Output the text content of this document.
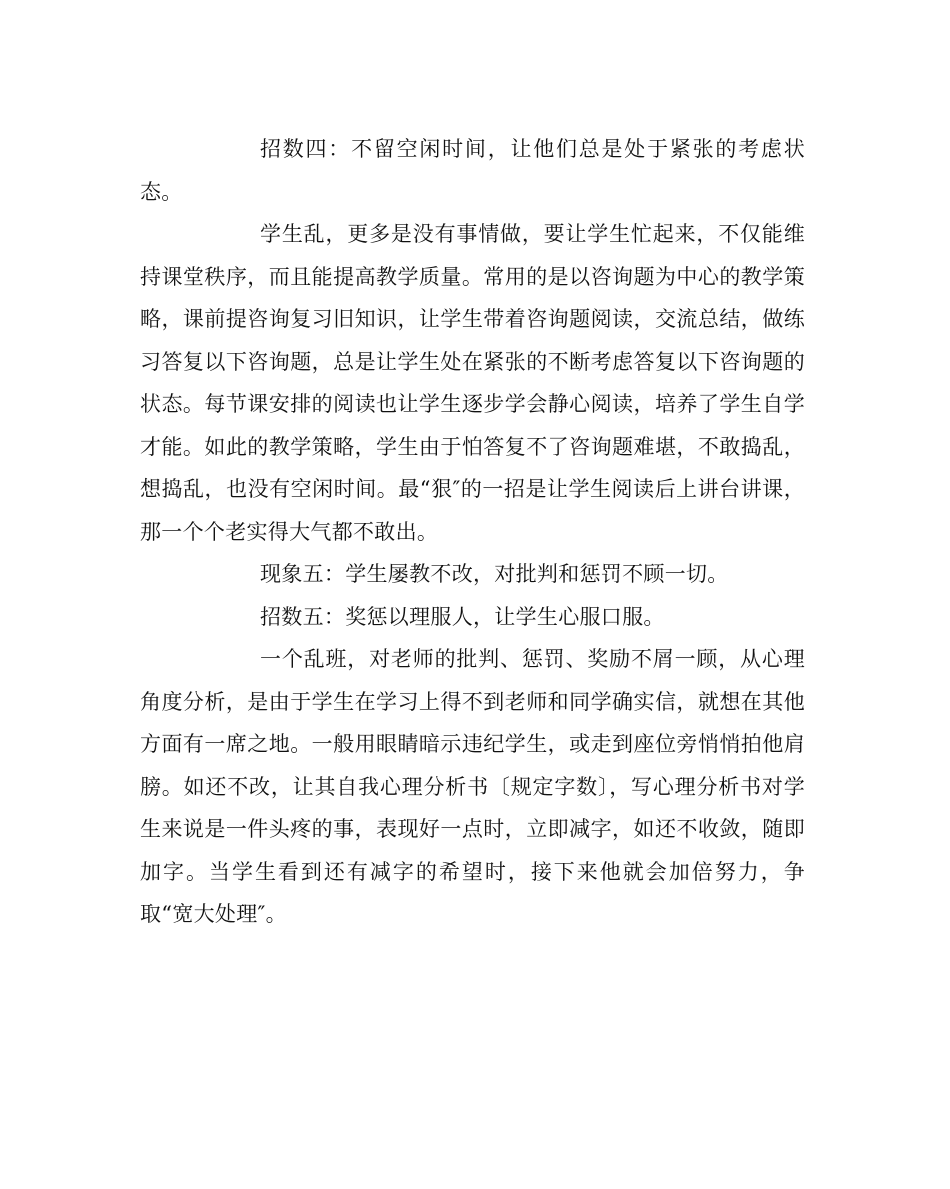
招数四：不留空闲时间，让他们总是处于紧张的考虑状态。

学生乱，更多是没有事情做，要让学生忙起来，不仅能维持课堂秩序，而且能提高教学质量。常用的是以咨询题为中心的教学策略，课前提咨询复习旧知识，让学生带着咨询题阅读，交流总结，做练习答复以下咨询题，总是让学生处在紧张的不断考虑答复以下咨询题的状态。每节课安排的阅读也让学生逐步学会静心阅读，培养了学生自学才能。如此的教学策略，学生由于怕答复不了咨询题难堪，不敢捣乱，想捣乱，也没有空闲时间。最“狠″的一招是让学生阅读后上讲台讲课，那一个个老实得大气都不敢出。

现象五：学生屡教不改，对批判和惩罚不顾一切。

招数五：奖惩以理服人，让学生心服口服。

一个乱班，对老师的批判、惩罚、奖励不屑一顾，从心理角度分析，是由于学生在学习上得不到老师和同学确实信，就想在其他方面有一席之地。一般用眼睛暗示违纪学生，或走到座位旁悄悄拍他肩膀。如还不改，让其自我心理分析书〔规定字数〕，写心理分析书对学生来说是一件头疼的事，表现好一点时，立即减字，如还不收敛，随即加字。当学生看到还有减字的希望时，接下来他就会加倍努力，争取“宽大处理″。
